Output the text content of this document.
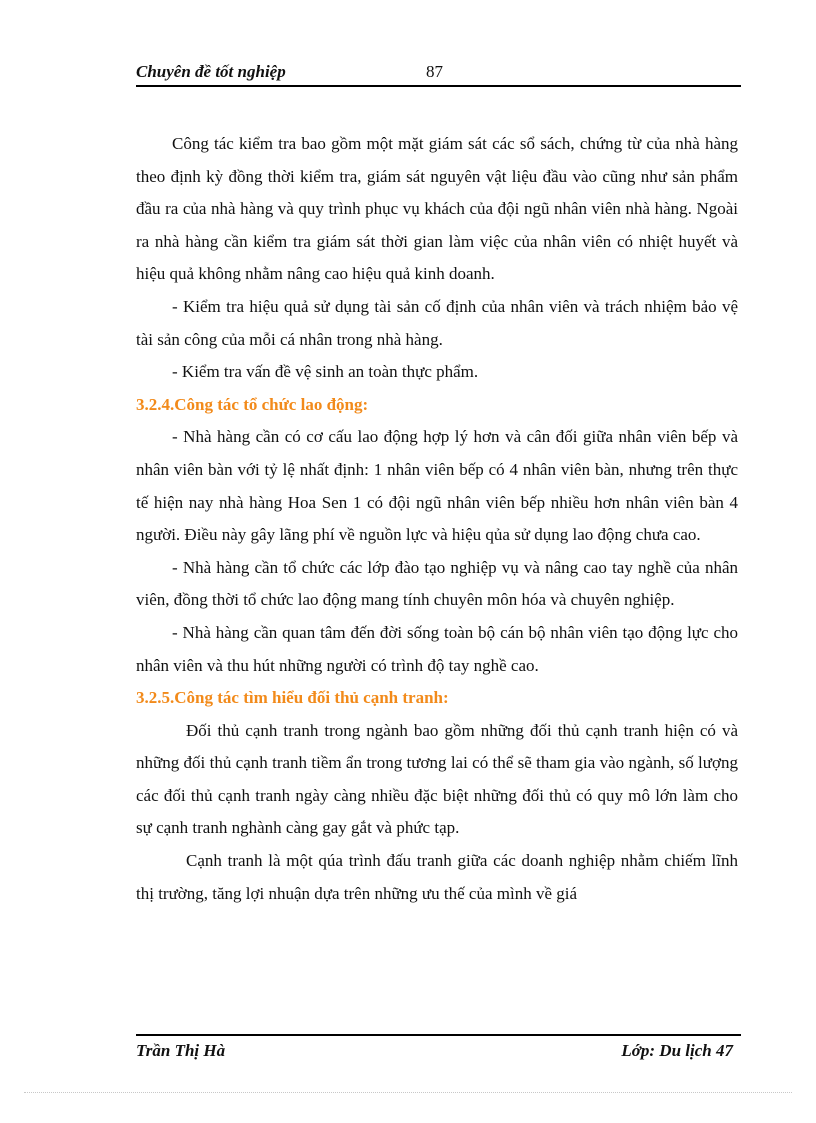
Chuyên đề tốt nghiệp	87

Công tác kiểm tra bao gồm một mặt giám sát các sổ sách, chứng từ của nhà hàng theo định kỳ đồng thời kiểm tra, giám sát nguyên vật liệu đầu vào cũng như sản phẩm đầu ra của nhà hàng và quy trình phục vụ khách của đội ngũ nhân viên nhà hàng. Ngoài ra nhà hàng cần kiểm tra giám sát thời gian làm việc của nhân viên có nhiệt huyết và hiệu quả không nhằm nâng cao hiệu quả kinh doanh.

- Kiểm tra hiệu quả sử dụng tài sản cố định của nhân viên và trách nhiệm bảo vệ tài sản công của mỗi cá nhân trong nhà hàng.

- Kiểm tra vấn đề vệ sinh an toàn thực phẩm.

3.2.4.Công tác tổ chức lao động:

- Nhà hàng cần có cơ cấu lao động hợp lý hơn và cân đối giữa nhân viên bếp và nhân viên bàn với tỷ lệ nhất định: 1 nhân viên bếp có 4 nhân viên bàn, nhưng trên thực tế hiện nay nhà hàng Hoa Sen 1 có đội ngũ nhân viên bếp nhiều hơn nhân viên bàn 4 người. Điều này gây lãng phí về nguồn lực và hiệu qủa sử dụng lao động chưa cao.

- Nhà hàng cần tổ chức các lớp đào tạo nghiệp vụ và nâng cao tay nghề của nhân viên, đồng thời tổ chức lao động mang tính chuyên môn hóa và chuyên nghiệp.

- Nhà hàng cần quan tâm đến đời sống toàn bộ cán bộ nhân viên tạo động lực cho nhân viên và thu hút những người có trình độ tay nghề cao.

3.2.5.Công tác tìm hiểu đối thủ cạnh tranh:

Đối thủ cạnh tranh trong ngành bao gồm những đối thủ cạnh tranh hiện có và những đối thủ cạnh tranh tiềm ẩn trong tương lai có thể sẽ tham gia vào ngành, số lượng các đối thủ cạnh tranh ngày càng nhiều đặc biệt những đối thủ có quy mô lớn làm cho sự cạnh tranh nghành càng gay gắt và phức tạp.

Cạnh tranh là một qúa trình đấu tranh giữa các doanh nghiệp nhằm chiếm lĩnh thị trường, tăng lợi nhuận dựa trên những ưu thế của mình về giá

Trần Thị Hà	Lớp: Du lịch 47
